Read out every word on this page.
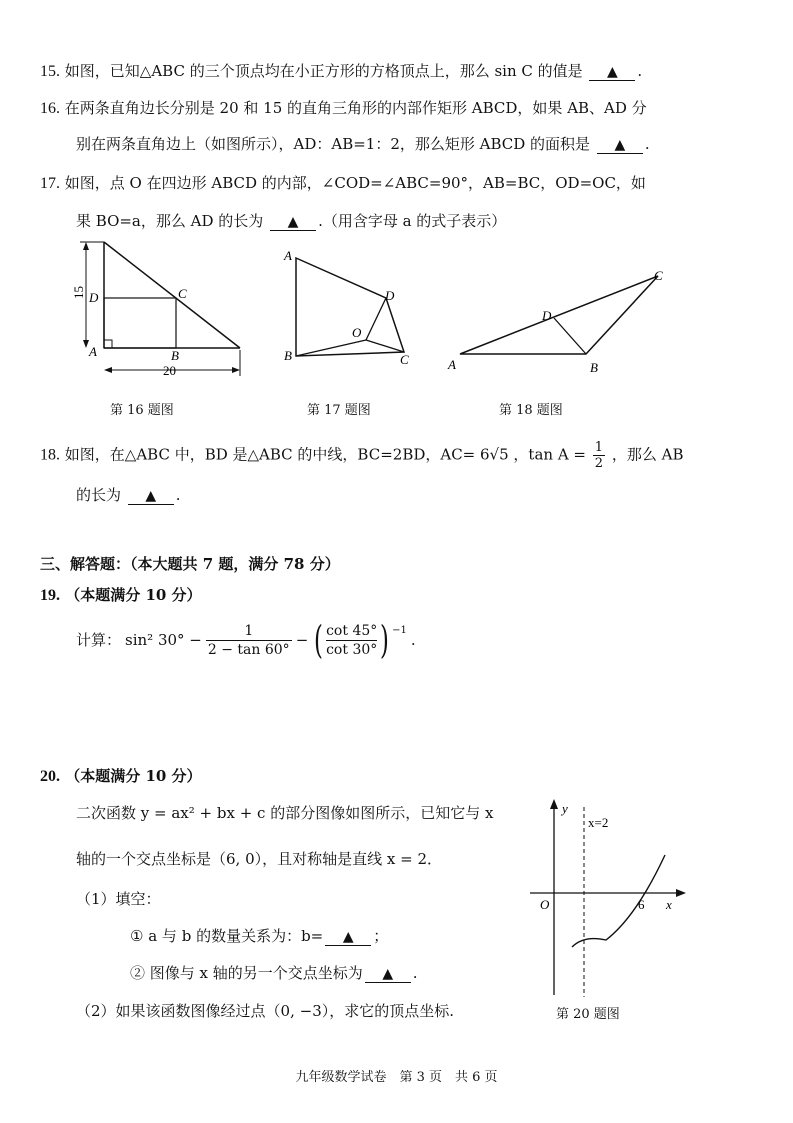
15. 如图，已知△ABC 的三个顶点均在小正方形的方格顶点上，那么 sin C 的值是 ▲ .
16. 在两条直角边长分别是 20 和 15 的直角三角形的内部作矩形 ABCD，如果 AB、AD 分
别在两条直角边上（如图所示），AD：AB=1：2，那么矩形 ABCD 的面积是 ▲ .
17. 如图，点 O 在四边形 ABCD 的内部，∠COD=∠ABC=90°，AB=BC，OD=OC，如
果 BO=a，那么 AD 的长为 ▲ .（用含字母 a 的式子表示）
15
20
D	C
A	B
第 16 题图
A
D
O
B	C
第 17 题图
A	B
C
D
第 18 题图
18. 如图，在△ABC 中，BD 是△ABC 的中线，BC=2BD，AC= 6√5 ，$\tan A = \frac{1}{2}$ ，那么 AB
的长为 ▲ .
三、解答题：（本大题共 7 题，满分 78 分）
19. （本题满分 10 分）
计算： sin² $30^\circ - \frac{1}{2 - \tan 60^\circ}$ − ( $\frac{\cot 45^\circ}{\cot 30^\circ}$ ) −1
.
20. （本题满分 10 分）
二次函数 y = ax² + bx + c 的部分图像如图所示，已知它与 x
轴的一个交点坐标是（6, 0），且对称轴是直线 x = 2．
（1）填空：
① a 与 b 的数量关系为：b= ▲ ；
② 图像与 x 轴的另一个交点坐标为 ▲ .
（2）如果该函数图像经过点（0, −3），求它的顶点坐标.
y
x=2
O	6 x
第 20 题图
九年级数学试卷　第 3 页　共 6 页
